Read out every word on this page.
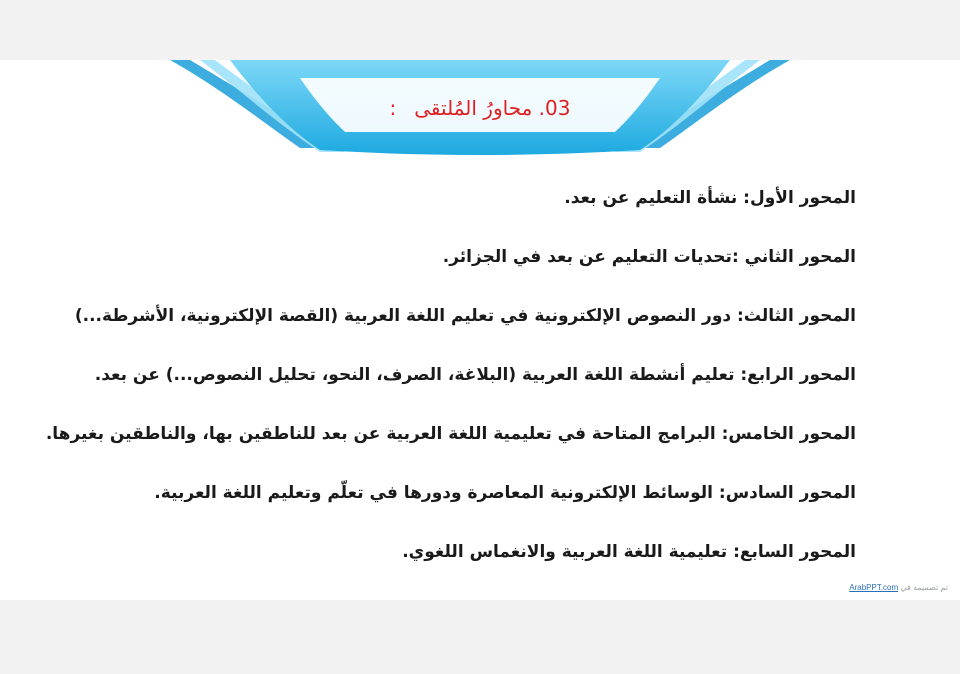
03. محاورُ المُلتقى
:

المحور الأول: نشأة التعليم عن بعد.

المحور الثاني :تحديات التعليم عن بعد في الجزائر.

المحور الثالث: دور النصوص الإلكترونية في تعليم اللغة العربية (القصة الإلكترونية، الأشرطة...)

المحور الرابع: تعليم أنشطة اللغة العربية (البلاغة، الصرف، النحو، تحليل النصوص...) عن بعد.

المحور الخامس: البرامج المتاحة في تعليمية اللغة العربية عن بعد للناطقين بها، والناطقين بغيرها.

المحور السادس: الوسائط الإلكترونية المعاصرة ودورها في تعلّم وتعليم اللغة العربية.

المحور السابع: تعليمية اللغة العربية والانغماس اللغوي.

تم تصميمه في ArabPPT.com
